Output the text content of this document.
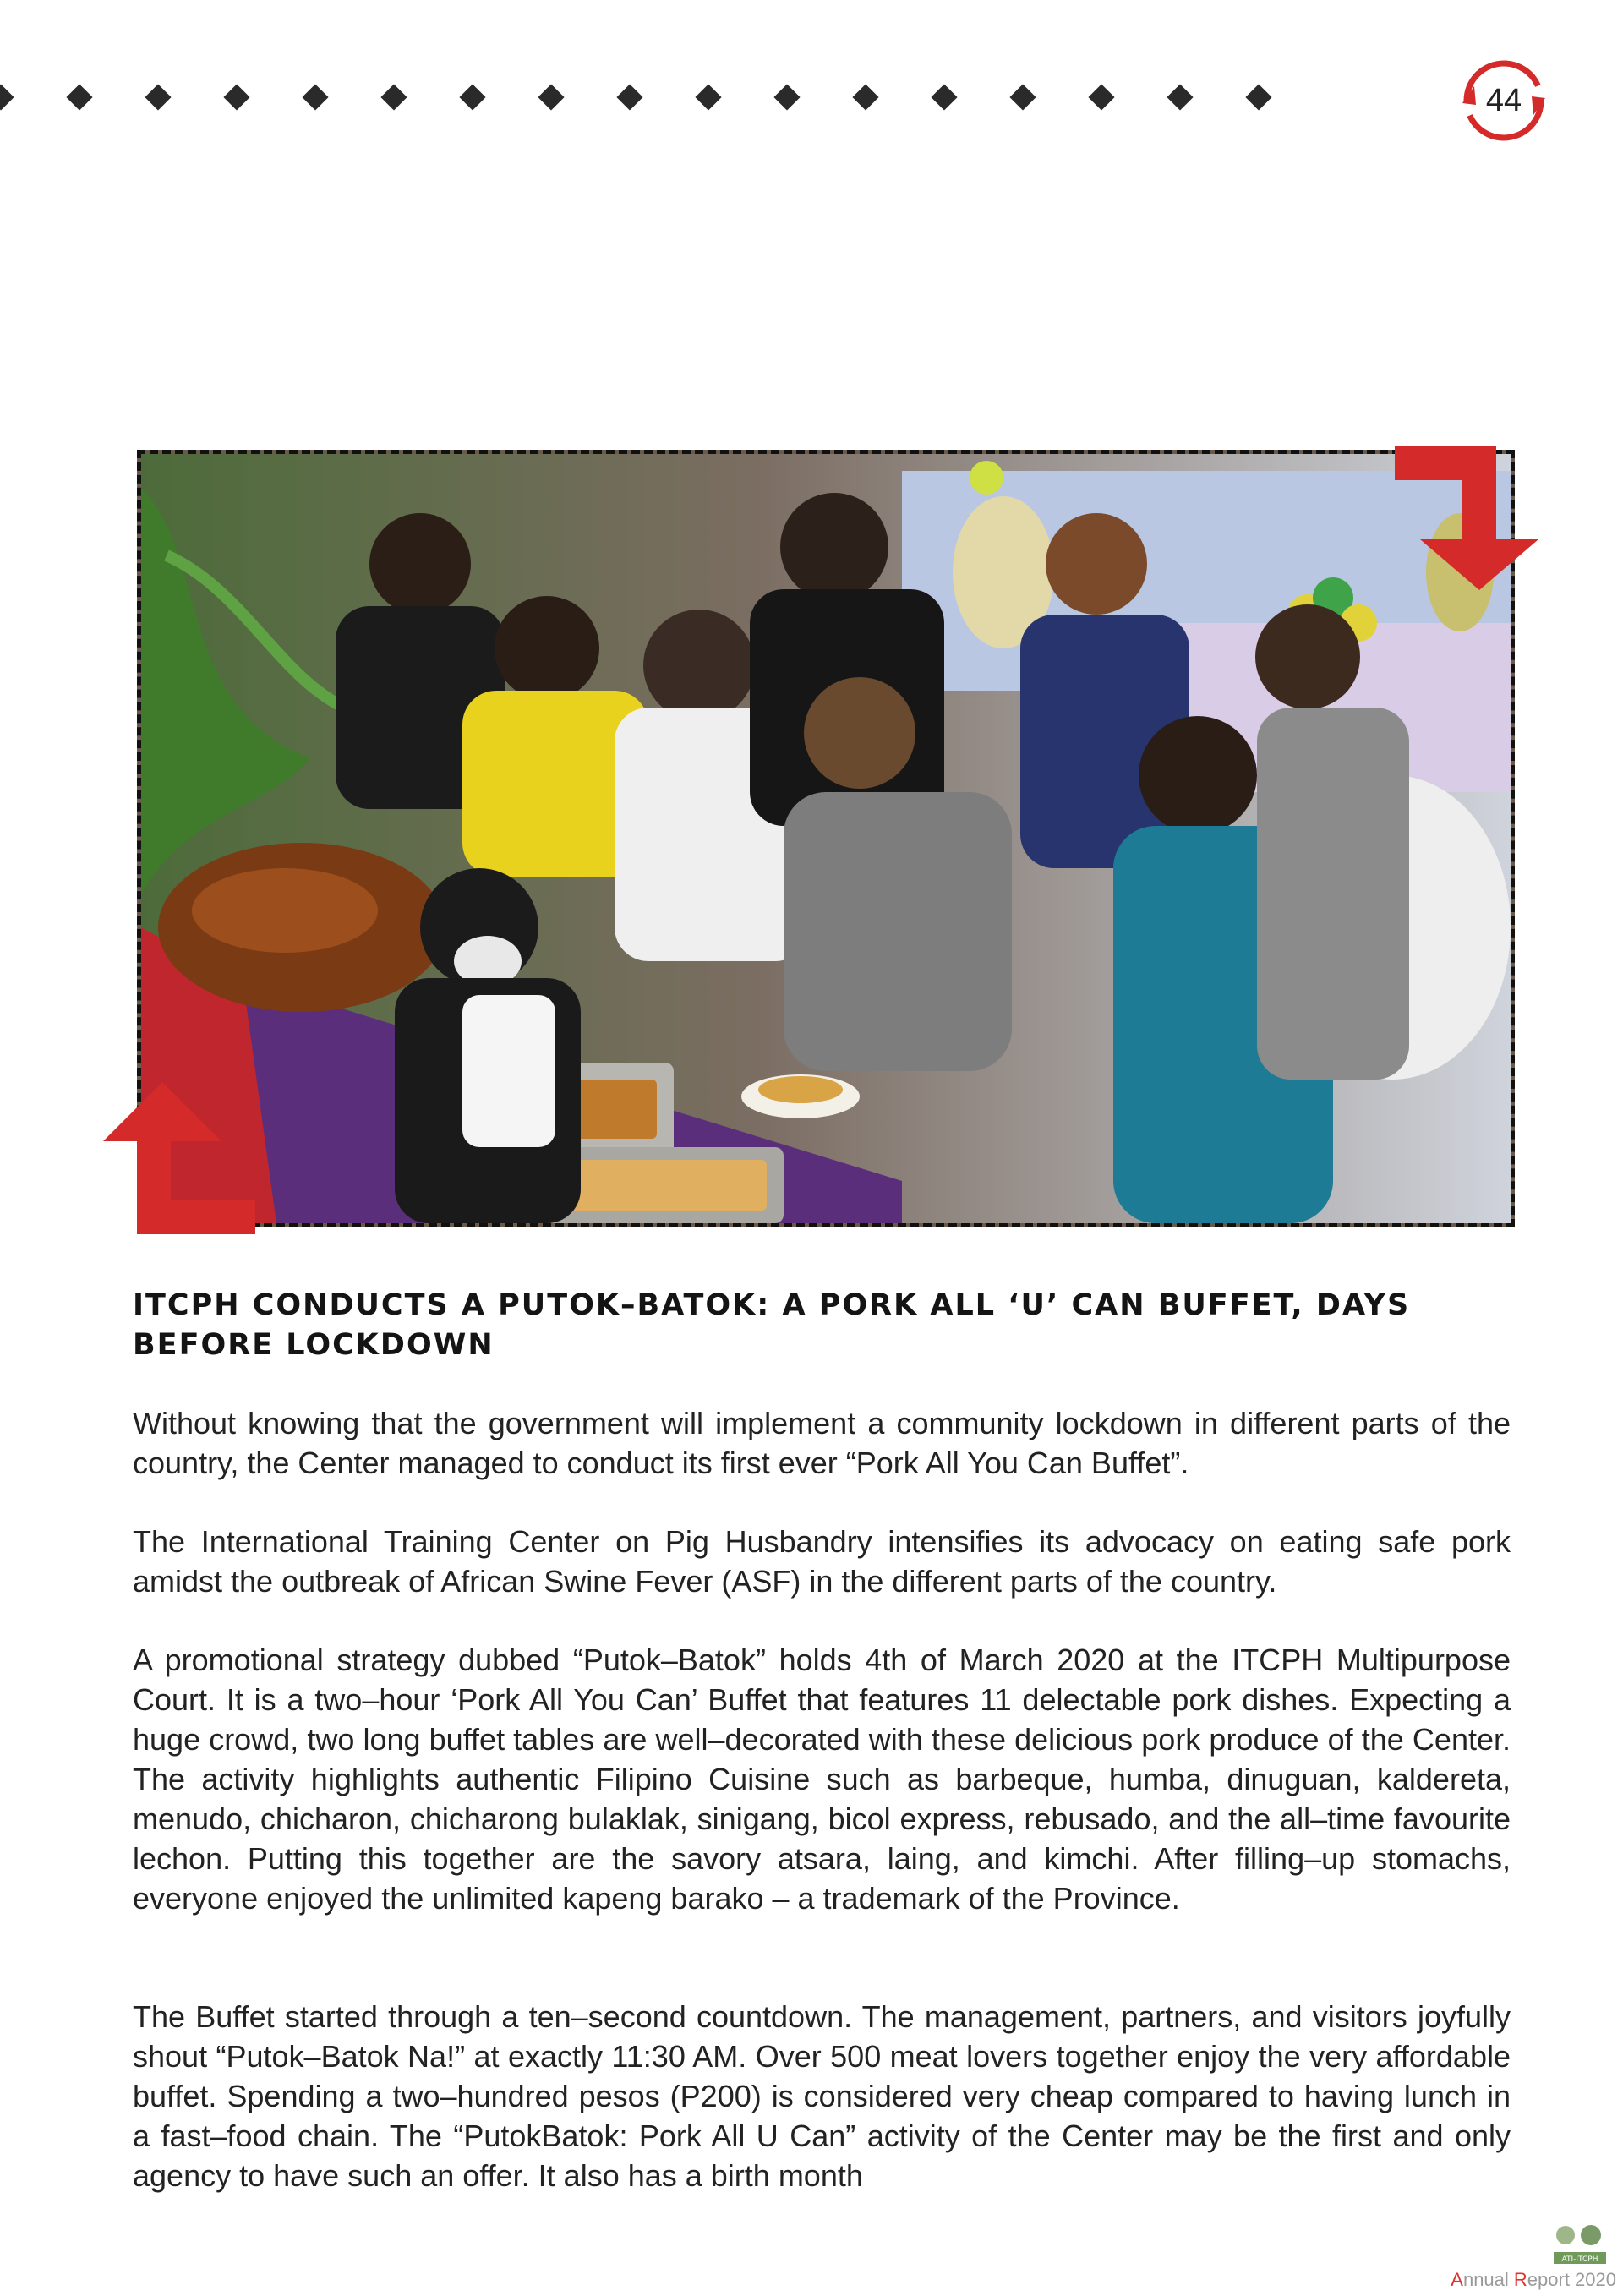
44
ITCPH CONDUCTS A PUTOK–BATOK: A PORK ALL ‘U’ CAN BUFFET, DAYS BEFORE LOCKDOWN

Without knowing that the government will implement a community lockdown in different parts of the country, the Center managed to conduct its first ever “Pork All You Can Buffet”.

The International Training Center on Pig Husbandry intensifies its advocacy on eating safe pork amidst the outbreak of African Swine Fever (ASF) in the different parts of the country.

A promotional strategy dubbed “Putok–Batok” holds 4th of March 2020 at the ITCPH Multipurpose Court. It is a two–hour ‘Pork All You Can’ Buffet that features 11 delectable pork dishes. Expecting a huge crowd, two long buffet tables are well–decorated with these delicious pork produce of the Center. The activity highlights authentic Filipino Cuisine such as barbeque, humba, dinuguan, kaldereta, menudo, chicharon, chicharong bulaklak, sinigang, bicol express, rebusado, and the all–time favourite lechon. Putting this together are the savory atsara, laing, and kimchi. After filling–up stomachs, everyone enjoyed the unlimited kapeng barako – a trademark of the Province.

The Buffet started through a ten–second countdown. The management, partners, and visitors joyfully shout “Putok–Batok Na!” at exactly 11:30 AM. Over 500 meat lovers together enjoy the very affordable buffet. Spending a two–hundred pesos (P200) is considered very cheap compared to having lunch in a fast–food chain. The “PutokBatok: Pork All U Can” activity of the Center may be the first and only agency to have such an offer. It also has a birth month

ATI-ITCPH
Annual Report 2020
